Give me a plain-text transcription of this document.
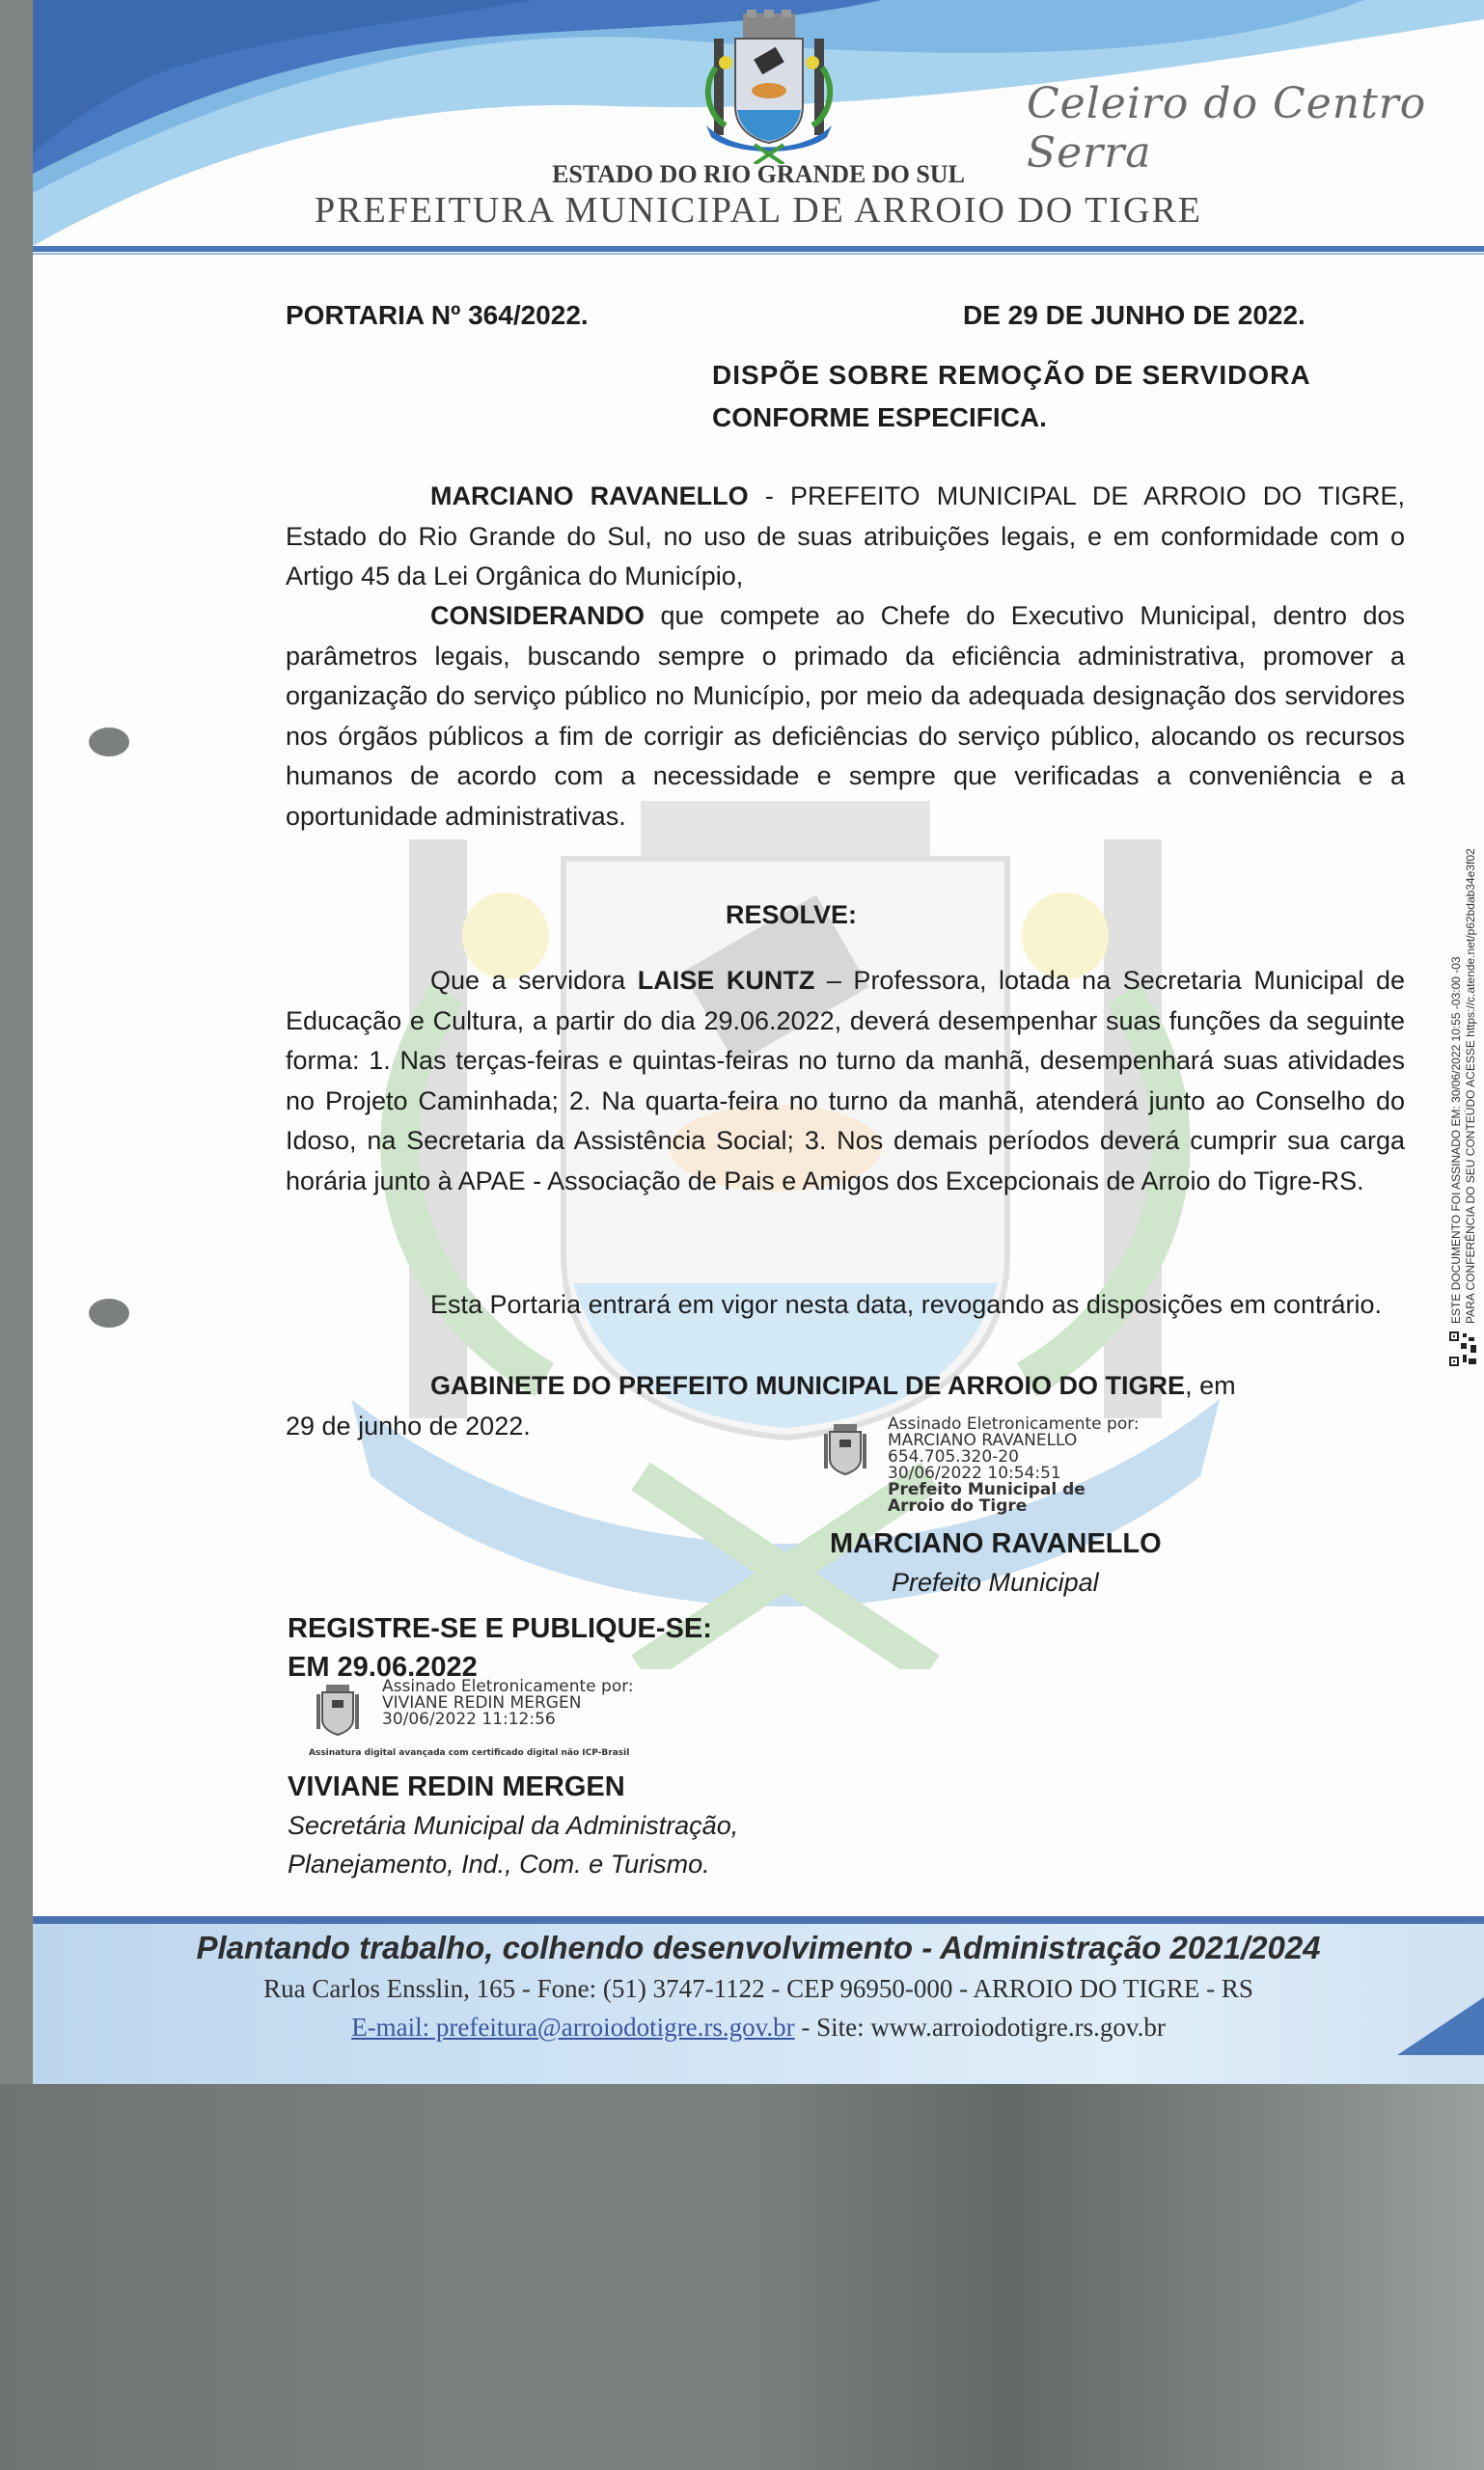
Celeiro do Centro Serra
ESTADO DO RIO GRANDE DO SUL
PREFEITURA MUNICIPAL DE ARROIO DO TIGRE
PORTARIA Nº 364/2022.	DE 29 DE JUNHO DE 2022.
DISPÕE SOBRE REMOÇÃO DE SERVIDORA
CONFORME ESPECIFICA.
MARCIANO RAVANELLO - PREFEITO MUNICIPAL DE ARROIO DO TIGRE, Estado do Rio Grande do Sul, no uso de suas atribuições legais, e em conformidade com o Artigo 45 da Lei Orgânica do Município,
CONSIDERANDO que compete ao Chefe do Executivo Municipal, dentro dos parâmetros legais, buscando sempre o primado da eficiência administrativa, promover a organização do serviço público no Município, por meio da adequada designação dos servidores nos órgãos públicos a fim de corrigir as deficiências do serviço público, alocando os recursos humanos de acordo com a necessidade e sempre que verificadas a conveniência e a oportunidade administrativas.
RESOLVE:
Que a servidora LAISE KUNTZ – Professora, lotada na Secretaria Municipal de Educação e Cultura, a partir do dia 29.06.2022, deverá desempenhar suas funções da seguinte forma: 1. Nas terças-feiras e quintas-feiras no turno da manhã, desempenhará suas atividades no Projeto Caminhada; 2. Na quarta-feira no turno da manhã, atenderá junto ao Conselho do Idoso, na Secretaria da Assistência Social; 3. Nos demais períodos deverá cumprir sua carga horária junto à APAE - Associação de Pais e Amigos dos Excepcionais de Arroio do Tigre-RS.
Esta Portaria entrará em vigor nesta data, revogando as disposições em contrário.
GABINETE DO PREFEITO MUNICIPAL DE ARROIO DO TIGRE, em
29 de junho de 2022.	Assinado Eletronicamente por:
MARCIANO RAVANELLO
654.705.320-20
30/06/2022 10:54:51
Prefeito Municipal de
Arroio do Tigre
MARCIANO RAVANELLO
Prefeito Municipal
REGISTRE-SE E PUBLIQUE-SE:
EM 29.06.2022
Assinado Eletronicamente por:
VIVIANE REDIN MERGEN
30/06/2022 11:12:56
Assinatura digital avançada com certificado digital não ICP-Brasil
VIVIANE REDIN MERGEN
Secretária Municipal da Administração,
Planejamento, Ind., Com. e Turismo.
Plantando trabalho, colhendo desenvolvimento - Administração 2021/2024
Rua Carlos Ensslin, 165 - Fone: (51) 3747-1122 - CEP 96950-000 - ARROIO DO TIGRE - RS
E-mail: prefeitura@arroiodotigre.rs.gov.br - Site: www.arroiodotigre.rs.gov.br
ESTE DOCUMENTO FOI ASSINADO EM: 30/06/2022 10:55 -03:00 -03 PARA CONFERÊNCIA DO SEU CONTEÚDO ACESSE https://c.atende.net/p62bdab34e3f02
